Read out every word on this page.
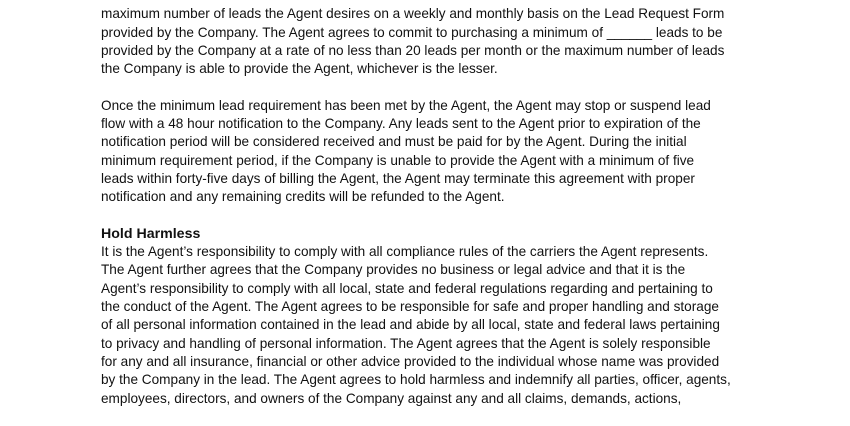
maximum number of leads the Agent desires on a weekly and monthly basis on the Lead Request Form
provided by the Company. The Agent agrees to commit to purchasing a minimum of ______ leads to be
provided by the Company at a rate of no less than 20 leads per month or the maximum number of leads
the Company is able to provide the Agent, whichever is the lesser.
Once the minimum lead requirement has been met by the Agent, the Agent may stop or suspend lead
flow with a 48 hour notification to the Company. Any leads sent to the Agent prior to expiration of the
notification period will be considered received and must be paid for by the Agent. During the initial
minimum requirement period, if the Company is unable to provide the Agent with a minimum of five
leads within forty-five days of billing the Agent, the Agent may terminate this agreement with proper
notification and any remaining credits will be refunded to the Agent.
Hold Harmless
It is the Agent’s responsibility to comply with all compliance rules of the carriers the Agent represents.
The Agent further agrees that the Company provides no business or legal advice and that it is the
Agent’s responsibility to comply with all local, state and federal regulations regarding and pertaining to
the conduct of the Agent. The Agent agrees to be responsible for safe and proper handling and storage
of all personal information contained in the lead and abide by all local, state and federal laws pertaining
to privacy and handling of personal information. The Agent agrees that the Agent is solely responsible
for any and all insurance, financial or other advice provided to the individual whose name was provided
by the Company in the lead. The Agent agrees to hold harmless and indemnify all parties, officer, agents,
employees, directors, and owners of the Company against any and all claims, demands, actions,
